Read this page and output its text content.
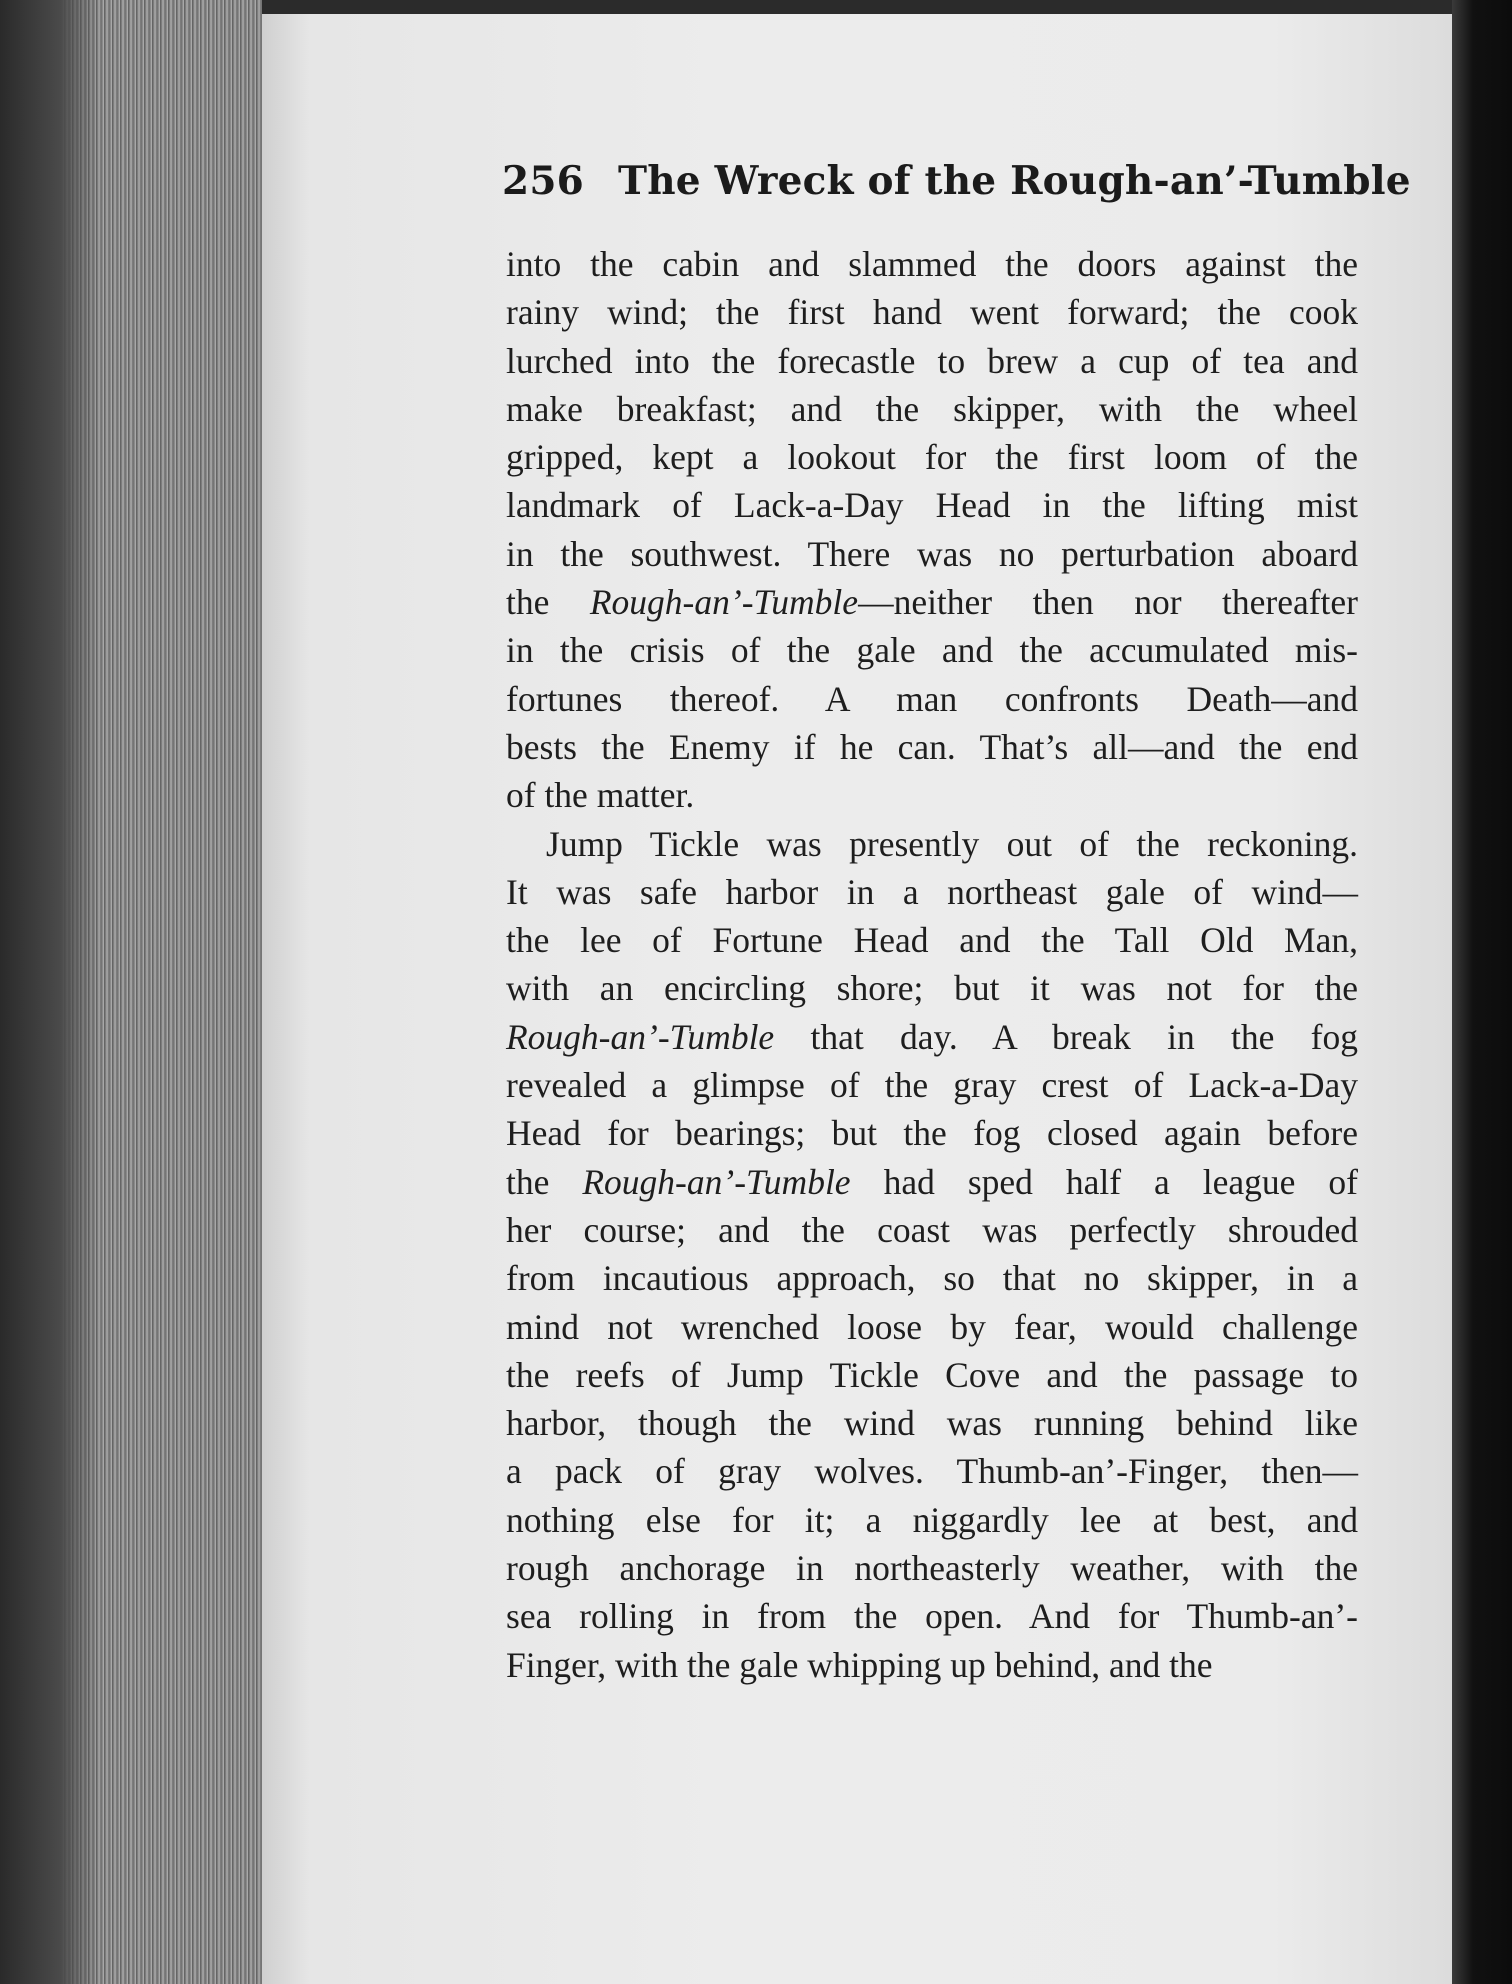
256 The Wreck of the Rough-an’-Tumble
into the cabin and slammed the doors against the
rainy wind; the first hand went forward; the cook
lurched into the forecastle to brew a cup of tea and
make breakfast; and the skipper, with the wheel
gripped, kept a lookout for the first loom of the
landmark of Lack-a-Day Head in the lifting mist
in the southwest. There was no perturbation aboard
the Rough-an’-Tumble—neither then nor thereafter
in the crisis of the gale and the accumulated mis-
fortunes thereof. A man confronts Death—and
bests the Enemy if he can. That’s all—and the end
of the matter.
Jump Tickle was presently out of the reckoning.
It was safe harbor in a northeast gale of wind—
the lee of Fortune Head and the Tall Old Man,
with an encircling shore; but it was not for the
Rough-an’-Tumble that day. A break in the fog
revealed a glimpse of the gray crest of Lack-a-Day
Head for bearings; but the fog closed again before
the Rough-an’-Tumble had sped half a league of
her course; and the coast was perfectly shrouded
from incautious approach, so that no skipper, in a
mind not wrenched loose by fear, would challenge
the reefs of Jump Tickle Cove and the passage to
harbor, though the wind was running behind like
a pack of gray wolves. Thumb-an’-Finger, then—
nothing else for it; a niggardly lee at best, and
rough anchorage in northeasterly weather, with the
sea rolling in from the open. And for Thumb-an’-
Finger, with the gale whipping up behind, and the
